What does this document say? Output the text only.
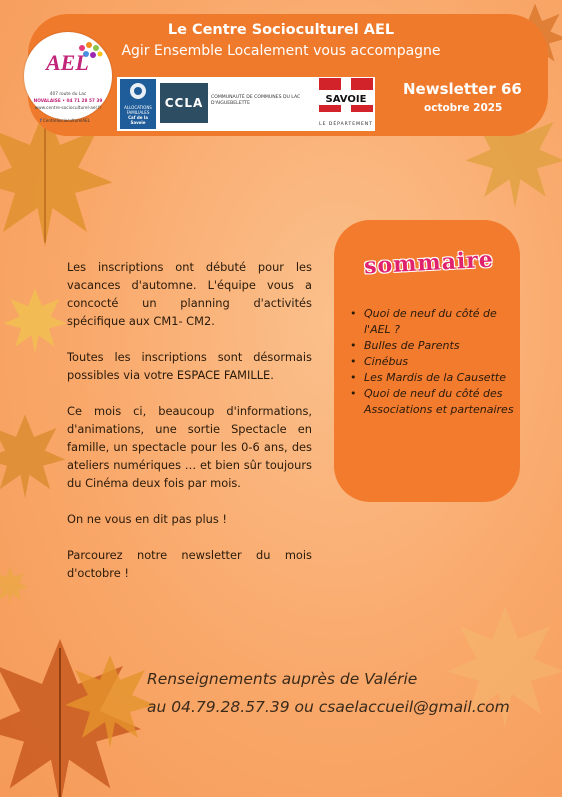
Le Centre Socioculturel AEL
Agir Ensemble Localement vous accompagne
AEL
407 route du Lac
NOVALAISE • 04 71 28 57 39
www.centre-socioculturel-ael.fr
f CentreSocioculturelAEL
ALLOCATIONS FAMILIALES
Caf de la Savoie
CCLA	COMMUNAUTÉ DE COMMUNES DU LAC D'AIGUEBELETTE	SAVOIE
LE DÉPARTEMENT
Newsletter 66
octobre 2025

Les inscriptions ont débuté pour les vacances d'automne. L'équipe vous a concocté un planning d'activités spécifique aux CM1- CM2.

Toutes les inscriptions sont désormais possibles via votre ESPACE FAMILLE.

Ce mois ci, beaucoup d'informations, d'animations, une sortie Spectacle en famille, un spectacle pour les 0-6 ans, des ateliers numériques … et bien sûr toujours du Cinéma deux fois par mois.

On ne vous en dit pas plus !

Parcourez notre newsletter du mois d'octobre !

sommaire
• Quoi de neuf du côté de l'AEL ?
• Bulles de Parents
• Cinébus
• Les Mardis de la Causette
• Quoi de neuf du côté des Associations et partenaires
Renseignements auprès de Valérie
au 04.79.28.57.39 ou csaelaccueil@gmail.com
